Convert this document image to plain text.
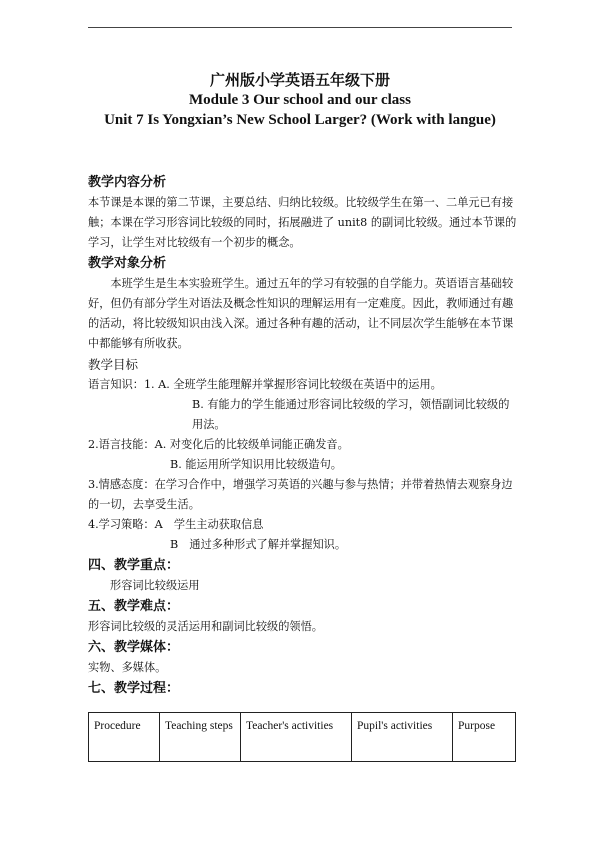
广州版小学英语五年级下册
Module 3 Our school and our class
Unit 7 Is Yongxian’s New School Larger? (Work with langue)

教学内容分析

本节课是本课的第二节课，主要总结、归纳比较级。比较级学生在第一、二单元已有接触；本课在学习形容词比较级的同时，拓展融进了 unit8 的副词比较级。通过本节课的学习，让学生对比较级有一个初步的概念。

教学对象分析

本班学生是生本实验班学生。通过五年的学习有较强的自学能力。英语语言基础较好，但仍有部分学生对语法及概念性知识的理解运用有一定难度。因此，教师通过有趣的活动，将比较级知识由浅入深。通过各种有趣的活动，让不同层次学生能够在本节课中都能够有所收获。

教学目标

语言知识：1. A. 全班学生能理解并掌握形容词比较级在英语中的运用。

B. 有能力的学生能通过形容词比较级的学习，领悟副词比较级的用法。

2.语言技能：A. 对变化后的比较级单词能正确发音。

B. 能运用所学知识用比较级造句。

3.情感态度：在学习合作中，增强学习英语的兴趣与参与热情；并带着热情去观察身边的一切，去享受生活。

4.学习策略：A　学生主动获取信息

B　通过多种形式了解并掌握知识。

四、教学重点：

形容词比较级运用

五、教学难点：

形容词比较级的灵活运用和副词比较级的领悟。

六、教学媒体：

实物、多媒体。

七、教学过程：

Procedure	Teaching steps	Teacher's activities	Pupil's activities	Purpose
